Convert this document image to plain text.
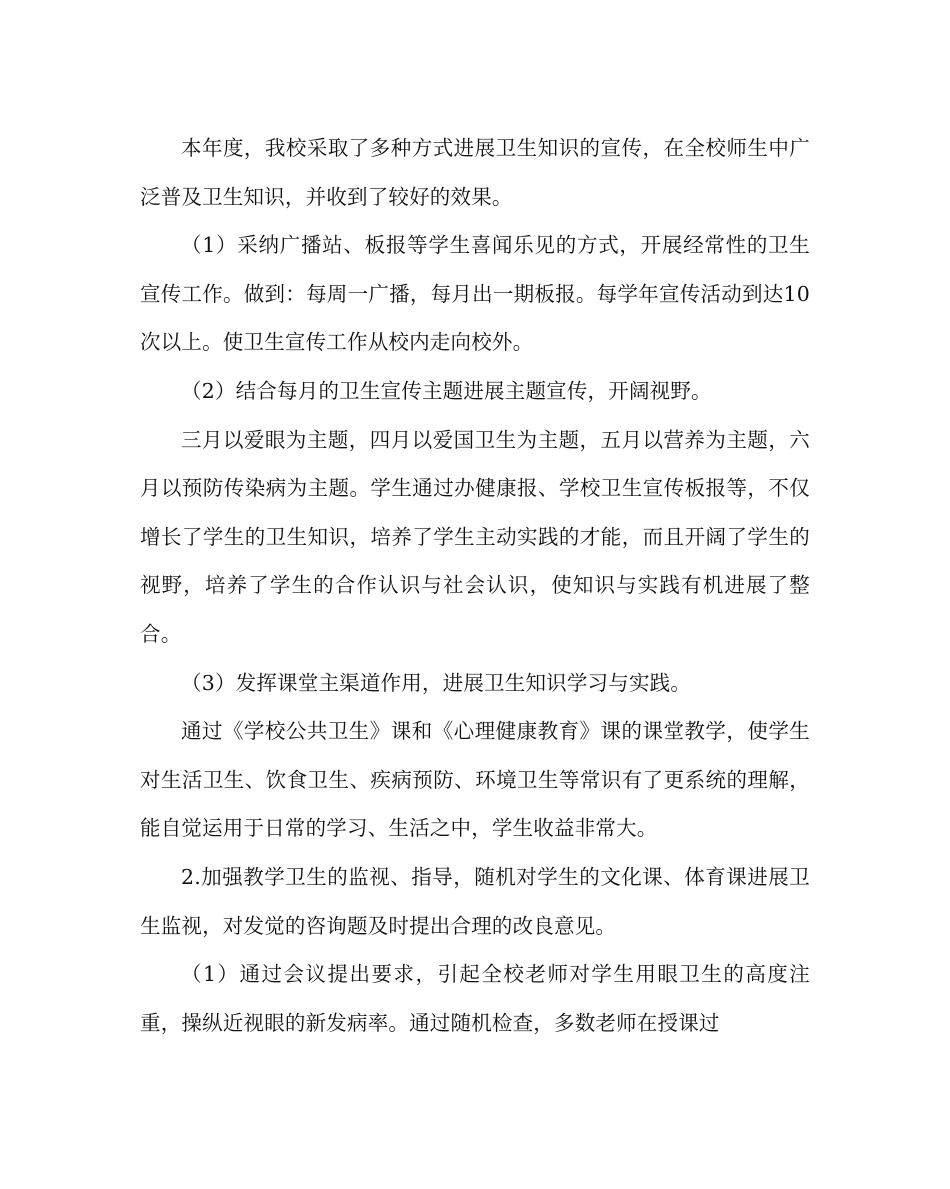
本年度，我校采取了多种方式进展卫生知识的宣传，在全校师生中广泛普及卫生知识，并收到了较好的效果。

（1）采纳广播站、板报等学生喜闻乐见的方式，开展经常性的卫生宣传工作。做到：每周一广播，每月出一期板报。每学年宣传活动到达10次以上。使卫生宣传工作从校内走向校外。

（2）结合每月的卫生宣传主题进展主题宣传，开阔视野。

三月以爱眼为主题，四月以爱国卫生为主题，五月以营养为主题，六月以预防传染病为主题。学生通过办健康报、学校卫生宣传板报等，不仅增长了学生的卫生知识，培养了学生主动实践的才能，而且开阔了学生的视野，培养了学生的合作认识与社会认识，使知识与实践有机进展了整合。

（3）发挥课堂主渠道作用，进展卫生知识学习与实践。

通过《学校公共卫生》课和《心理健康教育》课的课堂教学，使学生对生活卫生、饮食卫生、疾病预防、环境卫生等常识有了更系统的理解，能自觉运用于日常的学习、生活之中，学生收益非常大。

2.加强教学卫生的监视、指导，随机对学生的文化课、体育课进展卫生监视，对发觉的咨询题及时提出合理的改良意见。

（1）通过会议提出要求，引起全校老师对学生用眼卫生的高度注重，操纵近视眼的新发病率。通过随机检查，多数老师在授课过
